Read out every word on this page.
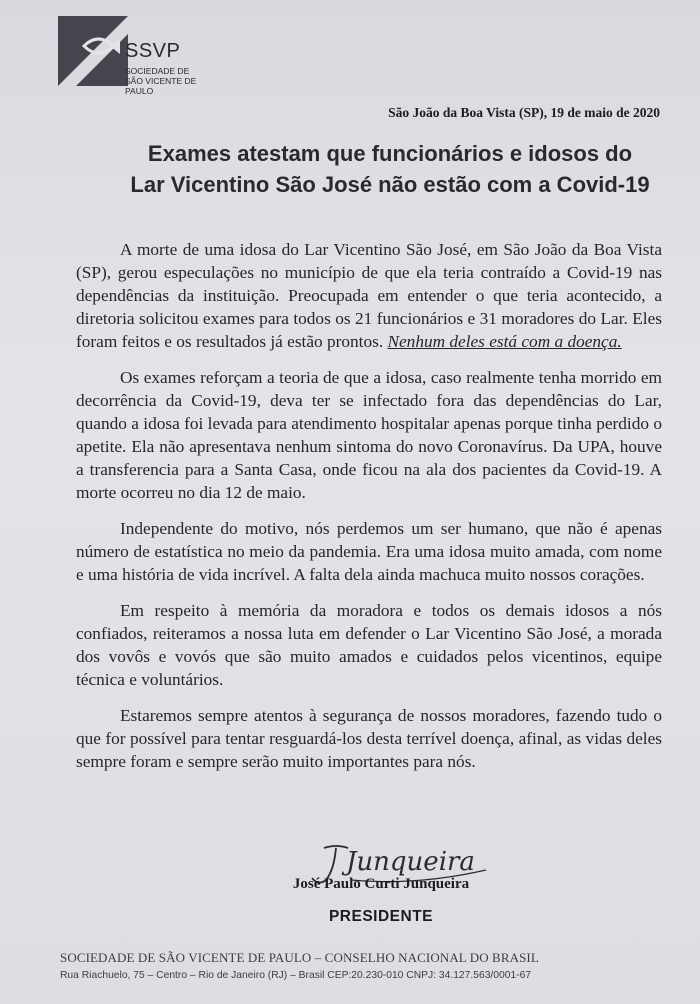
SSVP
SOCIEDADE DE
SÃO VICENTE DE PAULO
São João da Boa Vista (SP), 19 de maio de 2020
Exames atestam que funcionários e idosos do
Lar Vicentino São José não estão com a Covid-19

A morte de uma idosa do Lar Vicentino São José, em São João da Boa Vista (SP), gerou especulações no município de que ela teria contraído a Covid-19 nas dependências da instituição. Preocupada em entender o que teria acontecido, a diretoria solicitou exames para todos os 21 funcionários e 31 moradores do Lar. Eles foram feitos e os resultados já estão prontos. Nenhum deles está com a doença.

Os exames reforçam a teoria de que a idosa, caso realmente tenha morrido em decorrência da Covid-19, deva ter se infectado fora das dependências do Lar, quando a idosa foi levada para atendimento hospitalar apenas porque tinha perdido o apetite. Ela não apresentava nenhum sintoma do novo Coronavírus. Da UPA, houve a transferencia para a Santa Casa, onde ficou na ala dos pacientes da Covid-19. A morte ocorreu no dia 12 de maio.

Independente do motivo, nós perdemos um ser humano, que não é apenas número de estatística no meio da pandemia. Era uma idosa muito amada, com nome e uma história de vida incrível. A falta dela ainda machuca muito nossos corações.

Em respeito à memória da moradora e todos os demais idosos a nós confiados, reiteramos a nossa luta em defender o Lar Vicentino São José, a morada dos vovôs e vovós que são muito amados e cuidados pelos vicentinos, equipe técnica e voluntários.

Estaremos sempre atentos à segurança de nossos moradores, fazendo tudo o que for possível para tentar resguardá-los desta terrível doença, afinal, as vidas deles sempre foram e sempre serão muito importantes para nós.

Junqueira
José Paulo Curti Junqueira
PRESIDENTE
SOCIEDADE DE SÃO VICENTE DE PAULO – CONSELHO NACIONAL DO BRASIL
Rua Riachuelo, 75 – Centro – Rio de Janeiro (RJ) – Brasil CEP:20.230-010 CNPJ: 34.127.563/0001-67
